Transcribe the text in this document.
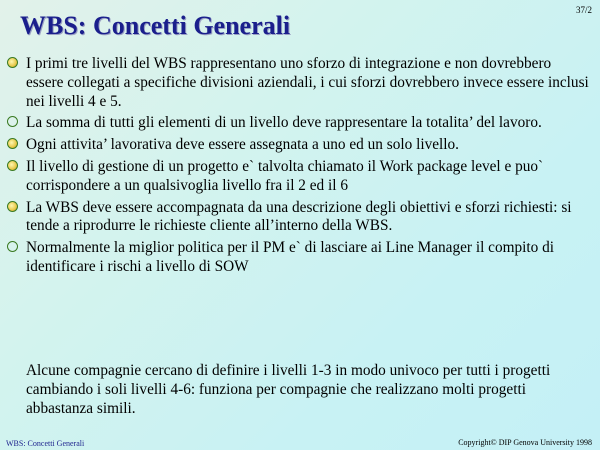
WBS: Concetti Generali
37/2
I primi tre livelli del WBS rappresentano uno sforzo di integrazione e non dovrebbero essere collegati a specifiche divisioni aziendali, i cui sforzi dovrebbero invece essere inclusi nei livelli 4 e 5.
La somma di tutti gli elementi di un livello deve rappresentare la totalita’ del lavoro.
Ogni attivita’ lavorativa deve essere assegnata a uno ed un solo livello.
Il livello di gestione di un progetto e` talvolta chiamato il Work package level e puo` corrispondere a un qualsivoglia livello fra il 2 ed il 6
La WBS deve essere accompagnata da una descrizione degli obiettivi e sforzi richiesti: si tende a riprodurre le richieste cliente all’interno della WBS.
Normalmente la miglior politica per il PM e` di lasciare ai Line Manager il compito di identificare i rischi a livello di SOW

Alcune compagnie cercano di definire i livelli 1-3 in modo univoco per tutti i progetti cambiando i soli livelli 4-6: funziona per compagnie che realizzano molti progetti abbastanza simili.

WBS: Concetti Generali	Copyright© DIP Genova University 1998
